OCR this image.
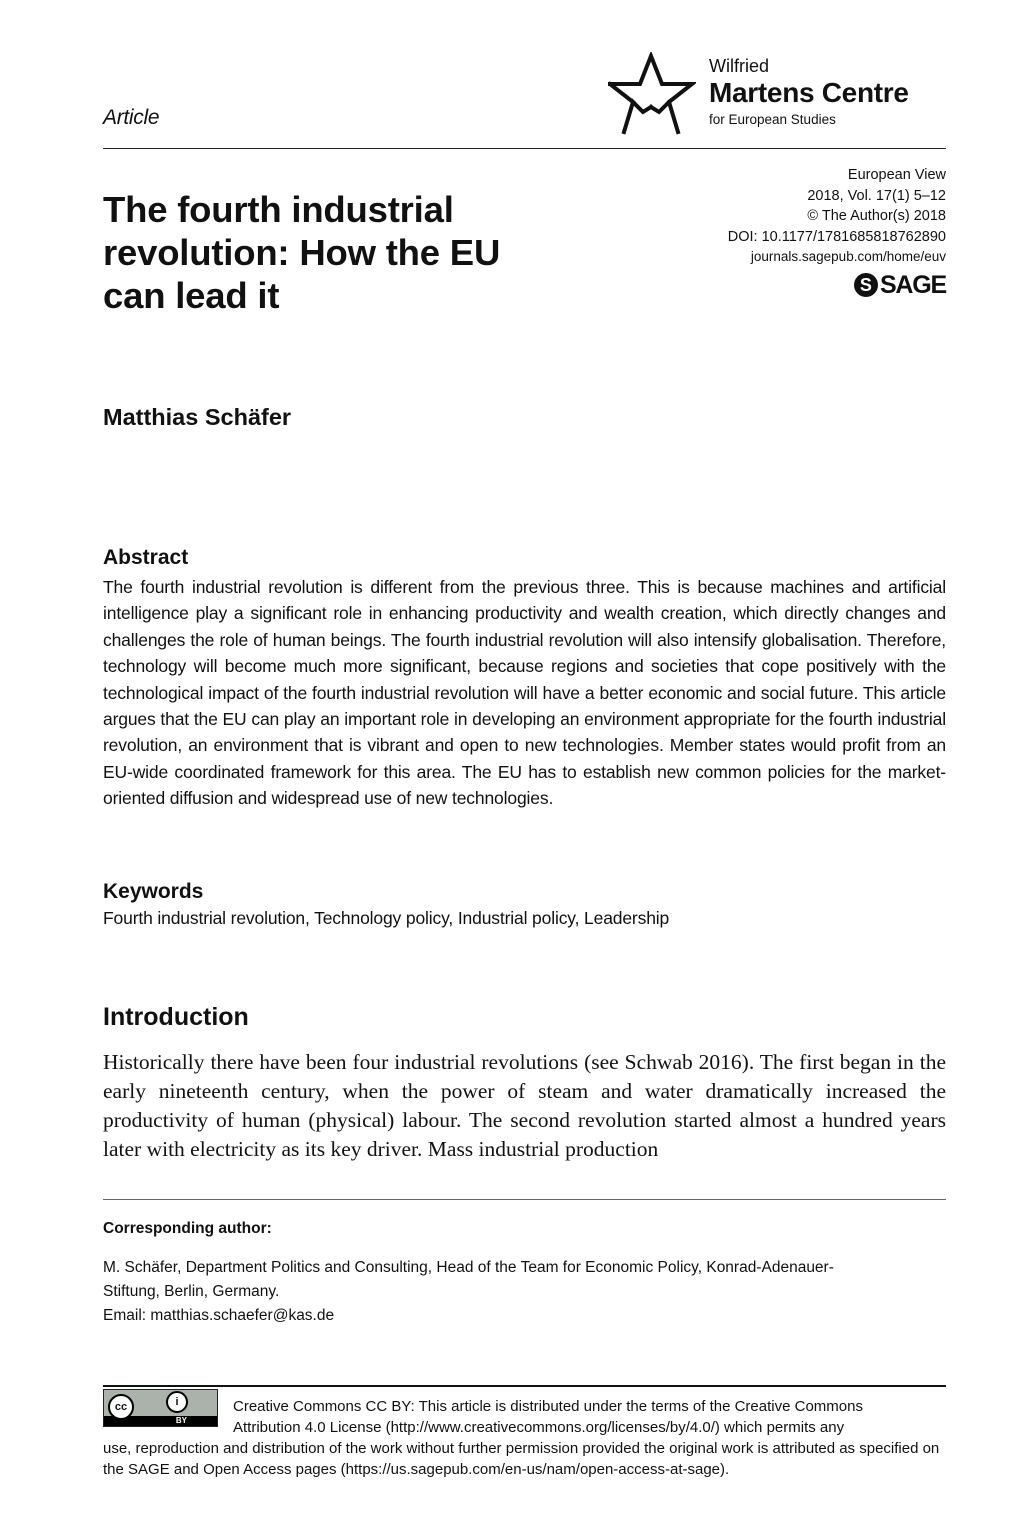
Article
Wilfried
Martens Centre
for European Studies
The fourth industrial
revolution: How the EU
can lead it
European View
2018, Vol. 17(1) 5–12
© The Author(s) 2018
DOI: 10.1177/1781685818762890
journals.sagepub.com/home/euv
S SAGE
Matthias Schäfer
Abstract
The fourth industrial revolution is different from the previous three. This is because machines and artificial intelligence play a significant role in enhancing productivity and wealth creation, which directly changes and challenges the role of human beings. The fourth industrial revolution will also intensify globalisation. Therefore, technology will become much more significant, because regions and societies that cope positively with the technological impact of the fourth industrial revolution will have a better economic and social future. This article argues that the EU can play an important role in developing an environment appropriate for the fourth industrial revolution, an environment that is vibrant and open to new technologies. Member states would profit from an EU-wide coordinated framework for this area. The EU has to establish new common policies for the market-oriented diffusion and widespread use of new technologies.
Keywords
Fourth industrial revolution, Technology policy, Industrial policy, Leadership
Introduction
Historically there have been four industrial revolutions (see Schwab 2016). The first began in the early nineteenth century, when the power of steam and water dramatically increased the productivity of human (physical) labour. The second revolution started almost a hundred years later with electricity as its key driver. Mass industrial production
Corresponding author:
M. Schäfer, Department Politics and Consulting, Head of the Team for Economic Policy, Konrad-Adenauer-
Stiftung, Berlin, Germany.
Email: matthias.schaefer@kas.de
cc	i
BY
Creative Commons CC BY: This article is distributed under the terms of the Creative Commons
Attribution 4.0 License (http://www.creativecommons.org/licenses/by/4.0/) which permits any
use, reproduction and distribution of the work without further permission provided the original work is attributed as specified on the SAGE and Open Access pages (https://us.sagepub.com/en-us/nam/open-access-at-sage).
